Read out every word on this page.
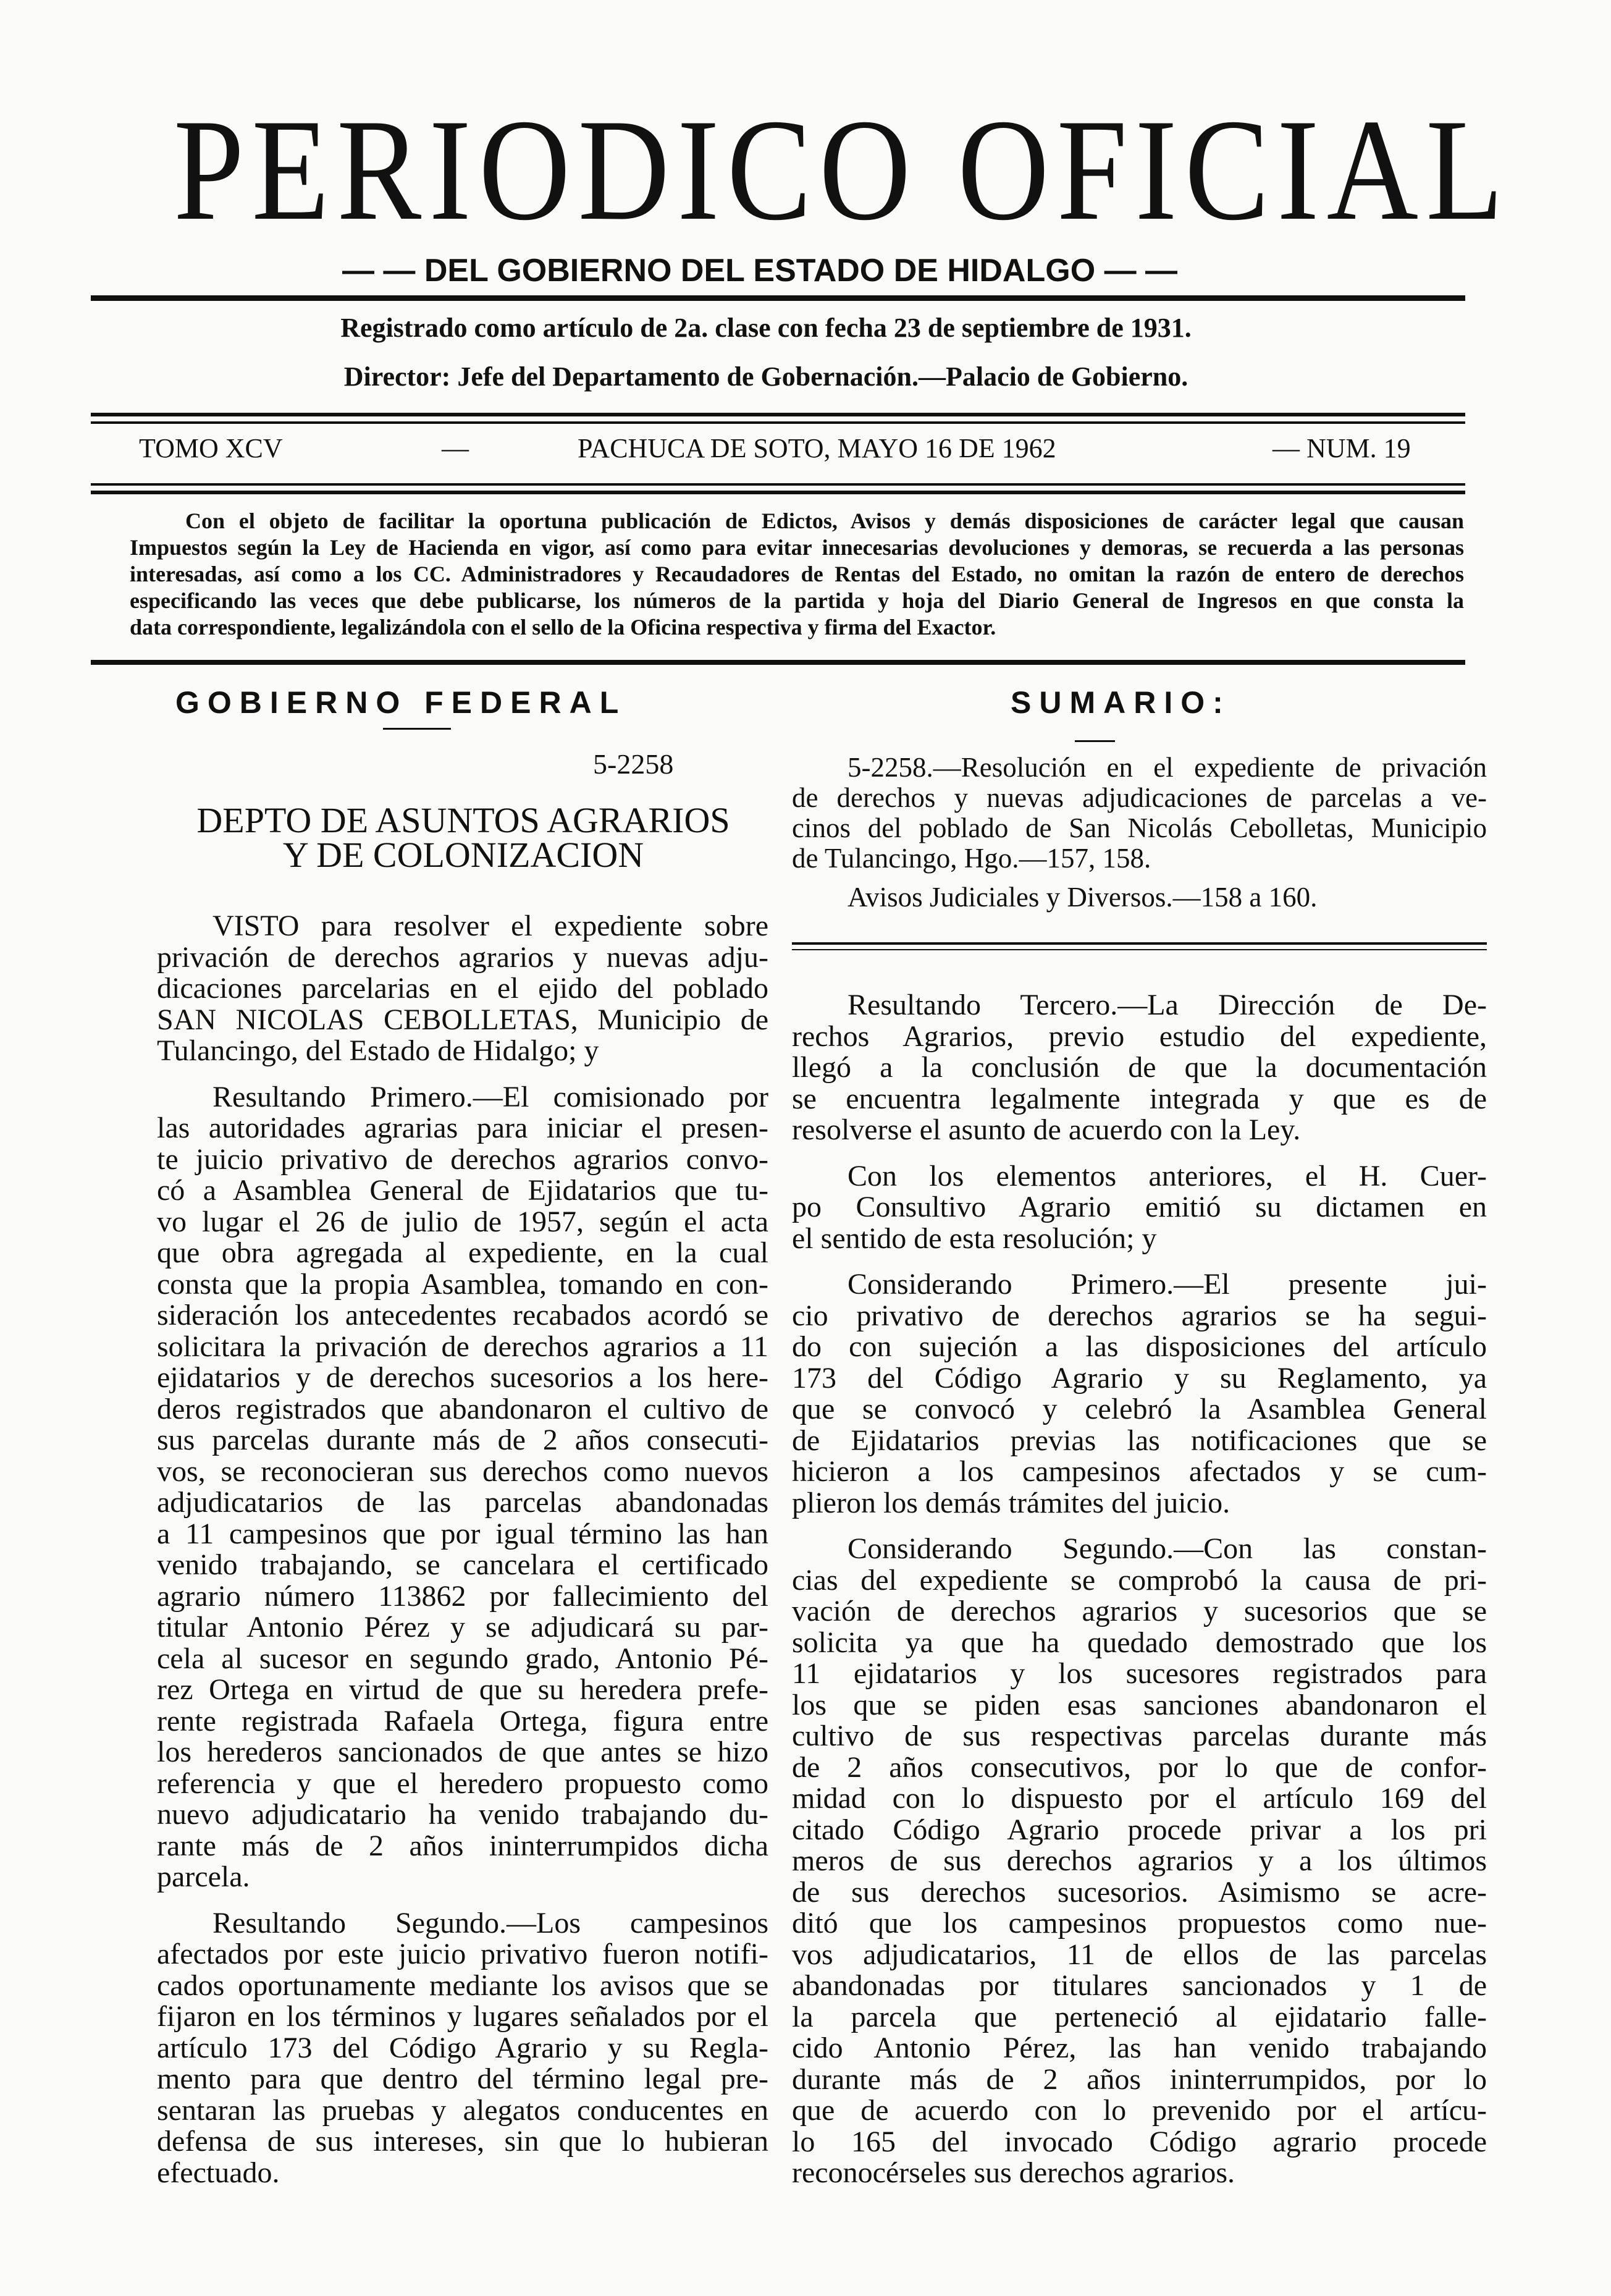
PERIODICO OFICIAL
— — DEL GOBIERNO DEL ESTADO DE HIDALGO — —
Registrado como artículo de 2a. clase con fecha 23 de septiembre de 1931.
Director: Jefe del Departamento de Gobernación.—Palacio de Gobierno.
TOMO XCV	—	PACHUCA DE SOTO, MAYO 16 DE 1962	— NUM. 19
Con el objeto de facilitar la oportuna publicación de Edictos, Avisos y demás disposiciones de carácter legal que causan
Impuestos según la Ley de Hacienda en vigor, así como para evitar innecesarias devoluciones y demoras, se recuerda a las personas
interesadas, así como a los CC. Administradores y Recaudadores de Rentas del Estado, no omitan la razón de entero de derechos
especificando las veces que debe publicarse, los números de la partida y hoja del Diario General de Ingresos en que consta la
data correspondiente, legalizándola con el sello de la Oficina respectiva y firma del Exactor.
GOBIERNO FEDERAL	SUMARIO:
5-2258
DEPTO DE ASUNTOS AGRARIOS
Y DE COLONIZACION
VISTO para resolver el expediente sobre
privación de derechos agrarios y nuevas adju-
dicaciones parcelarias en el ejido del poblado
SAN NICOLAS CEBOLLETAS, Municipio de
Tulancingo, del Estado de Hidalgo; y
Resultando Primero.—El comisionado por
las autoridades agrarias para iniciar el presen-
te juicio privativo de derechos agrarios convo-
có a Asamblea General de Ejidatarios que tu-
vo lugar el 26 de julio de 1957, según el acta
que obra agregada al expediente, en la cual
consta que la propia Asamblea, tomando en con-
sideración los antecedentes recabados acordó se
solicitara la privación de derechos agrarios a 11
ejidatarios y de derechos sucesorios a los here-
deros registrados que abandonaron el cultivo de
sus parcelas durante más de 2 años consecuti-
vos, se reconocieran sus derechos como nuevos
adjudicatarios de las parcelas abandonadas
a 11 campesinos que por igual término las han
venido trabajando, se cancelara el certificado
agrario número 113862 por fallecimiento del
titular Antonio Pérez y se adjudicará su par-
cela al sucesor en segundo grado, Antonio Pé-
rez Ortega en virtud de que su heredera prefe-
rente registrada Rafaela Ortega, figura entre
los herederos sancionados de que antes se hizo
referencia y que el heredero propuesto como
nuevo adjudicatario ha venido trabajando du-
rante más de 2 años ininterrumpidos dicha
parcela.
Resultando Segundo.—Los campesinos
afectados por este juicio privativo fueron notifi-
cados oportunamente mediante los avisos que se
fijaron en los términos y lugares señalados por el
artículo 173 del Código Agrario y su Regla-
mento para que dentro del término legal pre-
sentaran las pruebas y alegatos conducentes en
defensa de sus intereses, sin que lo hubieran
efectuado.
5-2258.—Resolución en el expediente de privación
de derechos y nuevas adjudicaciones de parcelas a ve-
cinos del poblado de San Nicolás Cebolletas, Municipio
de Tulancingo, Hgo.—157, 158.
Avisos Judiciales y Diversos.—158 a 160.
Resultando Tercero.—La Dirección de De-
rechos Agrarios, previo estudio del expediente,
llegó a la conclusión de que la documentación
se encuentra legalmente integrada y que es de
resolverse el asunto de acuerdo con la Ley.
Con los elementos anteriores, el H. Cuer-
po Consultivo Agrario emitió su dictamen en
el sentido de esta resolución; y
Considerando Primero.—El presente jui-
cio privativo de derechos agrarios se ha segui-
do con sujeción a las disposiciones del artículo
173 del Código Agrario y su Reglamento, ya
que se convocó y celebró la Asamblea General
de Ejidatarios previas las notificaciones que se
hicieron a los campesinos afectados y se cum-
plieron los demás trámites del juicio.
Considerando Segundo.—Con las constan-
cias del expediente se comprobó la causa de pri-
vación de derechos agrarios y sucesorios que se
solicita ya que ha quedado demostrado que los
11 ejidatarios y los sucesores registrados para
los que se piden esas sanciones abandonaron el
cultivo de sus respectivas parcelas durante más
de 2 años consecutivos, por lo que de confor-
midad con lo dispuesto por el artículo 169 del
citado Código Agrario procede privar a los pri
meros de sus derechos agrarios y a los últimos
de sus derechos sucesorios. Asimismo se acre-
ditó que los campesinos propuestos como nue-
vos adjudicatarios, 11 de ellos de las parcelas
abandonadas por titulares sancionados y 1 de
la parcela que perteneció al ejidatario falle-
cido Antonio Pérez, las han venido trabajando
durante más de 2 años ininterrumpidos, por lo
que de acuerdo con lo prevenido por el artícu-
lo 165 del invocado Código agrario procede
reconocérseles sus derechos agrarios.
